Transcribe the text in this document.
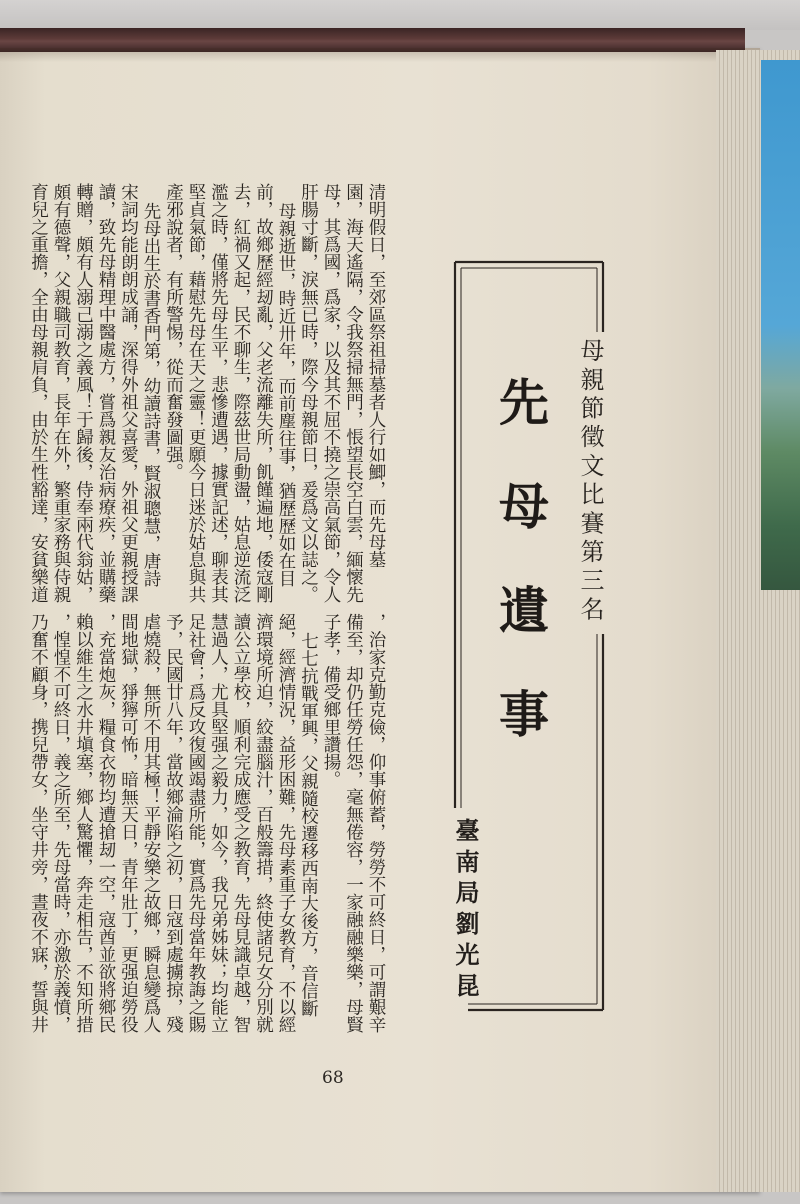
母親節徵文比賽第三名
先母遺事
臺南局劉光昆
清明假日，至郊區祭祖掃墓者人行如鯽，而先母墓
園，海天遙隔，令我祭掃無門，悵望長空白雲，緬懷先
母，其爲國，爲家，以及其不屈不撓之崇高氣節，令人
肝腸寸斷，淚無已時，際今母親節日，爰爲文以誌之。
母親逝世，時近卅年，而前塵往事，猶歷歷如在目
前，故鄉歷經刼亂，父老流離失所，飢饉遍地，倭寇剛
去，紅禍又起，民不聊生，際茲世局動盪，姑息逆流泛
濫之時，僅將先母生平，悲慘遭遇，據實記述，聊表其
堅貞氣節，藉慰先母在天之靈！更願今日迷於姑息與共
產邪說者，有所警惕，從而奮發圖强。
先母出生於書香門第，幼讀詩書，賢淑聰慧，唐詩
宋詞均能朗朗成誦，深得外祖父喜愛，外祖父更親授課
讀，致先母精理中醫處方，嘗爲親友治病療疾，並購藥
轉贈，頗有人溺己溺之義風！于歸後，侍奉兩代翁姑，
頗有德聲，父親職司教育，長年在外，繁重家務與侍親
育兒之重擔，全由母親肩負，由於生性豁達，安貧樂道
，治家克勤克儉，仰事俯蓄，勞勞不可終日，可謂艱辛
備至，却仍任勞任怨，毫無倦容，一家融融樂樂，母賢
子孝，備受鄉里讚揚。
七七抗戰軍興，父親隨校遷移西南大後方，音信斷
絕，經濟情況，益形困難，先母素重子女教育，不以經
濟環境所迫，絞盡腦汁，百般籌措，終使諸兒女分別就
讀公立學校，順利完成應受之教育，先母見識卓越，智
慧過人，尤具堅强之毅力，如今，我兄弟姊妹；均能立
足社會；爲反攻復國竭盡所能，實爲先母當年教誨之賜
予，民國廿八年，當故鄉淪陷之初，日寇到處擄掠，殘
虐燒殺，無所不用其極！平靜安樂之故鄉，瞬息變爲人
間地獄，猙獰可怖，暗無天日，青年壯丁，更强迫勞役
，充當炮灰，糧食衣物均遭搶刼一空，寇酋並欲將鄉民
賴以維生之水井塡塞，鄉人驚懼，奔走相告，不知所措
，惶惶不可終日，義之所至，先母當時，亦激於義憤，
乃奮不顧身，携兒帶女，坐守井旁，晝夜不寐，誓與井
68
